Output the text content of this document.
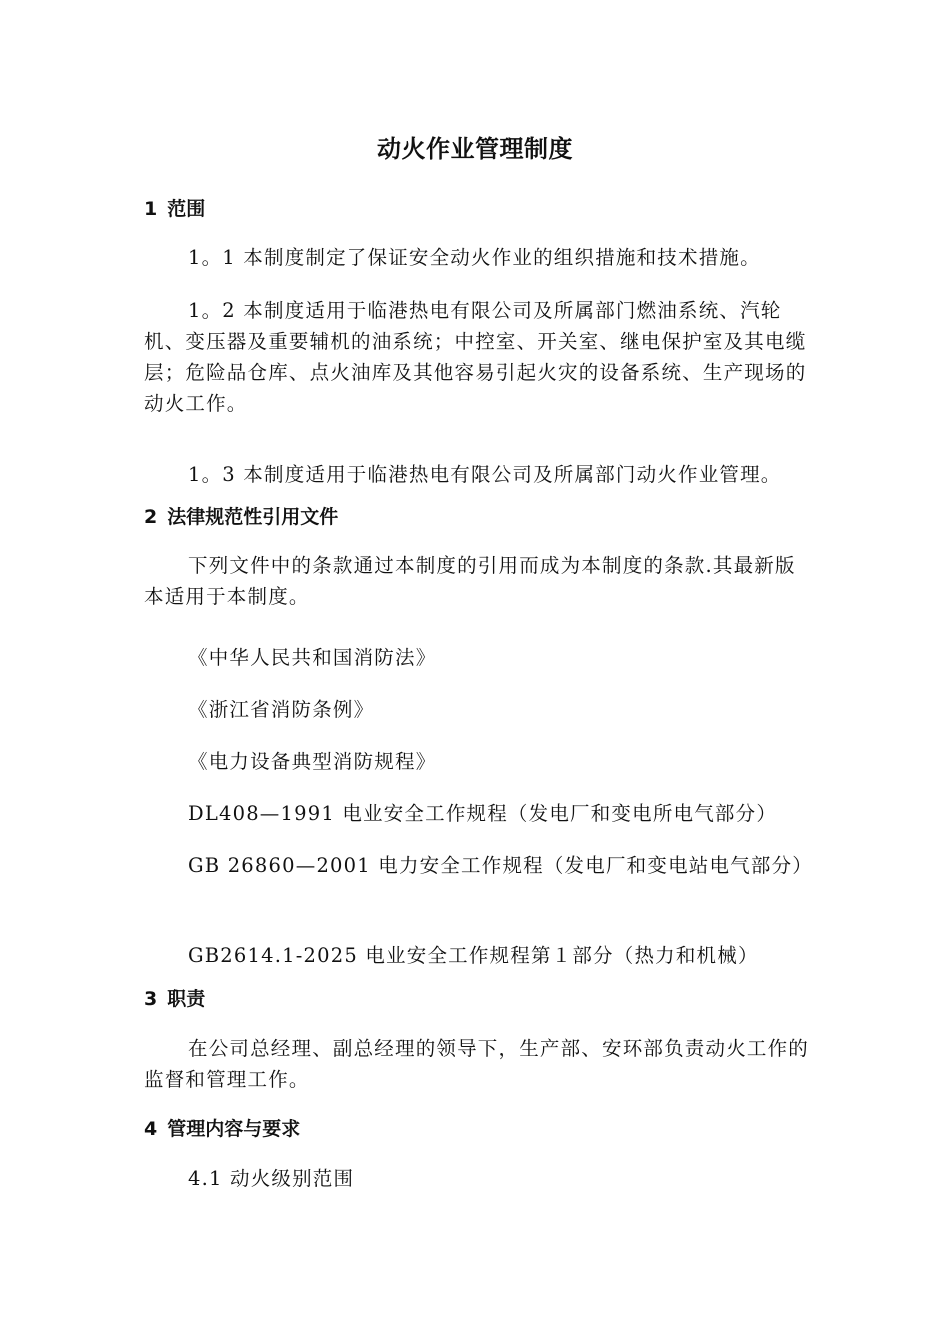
动火作业管理制度
1 范围
1。1 本制度制定了保证安全动火作业的组织措施和技术措施。
1。2 本制度适用于临港热电有限公司及所属部门燃油系统、汽轮机、变压器及重要辅机的油系统；中控室、开关室、继电保护室及其电缆层；危险品仓库、点火油库及其他容易引起火灾的设备系统、生产现场的动火工作。
1。3 本制度适用于临港热电有限公司及所属部门动火作业管理。
2 法律规范性引用文件
下列文件中的条款通过本制度的引用而成为本制度的条款.其最新版本适用于本制度。
《中华人民共和国消防法》
《浙江省消防条例》
《电力设备典型消防规程》
DL408—1991 电业安全工作规程（发电厂和变电所电气部分）
GB 26860—2001 电力安全工作规程（发电厂和变电站电气部分）
GB2614.1-2025 电业安全工作规程第１部分（热力和机械）
3 职责
在公司总经理、副总经理的领导下，生产部、安环部负责动火工作的监督和管理工作。
4 管理内容与要求
4.1 动火级别范围
